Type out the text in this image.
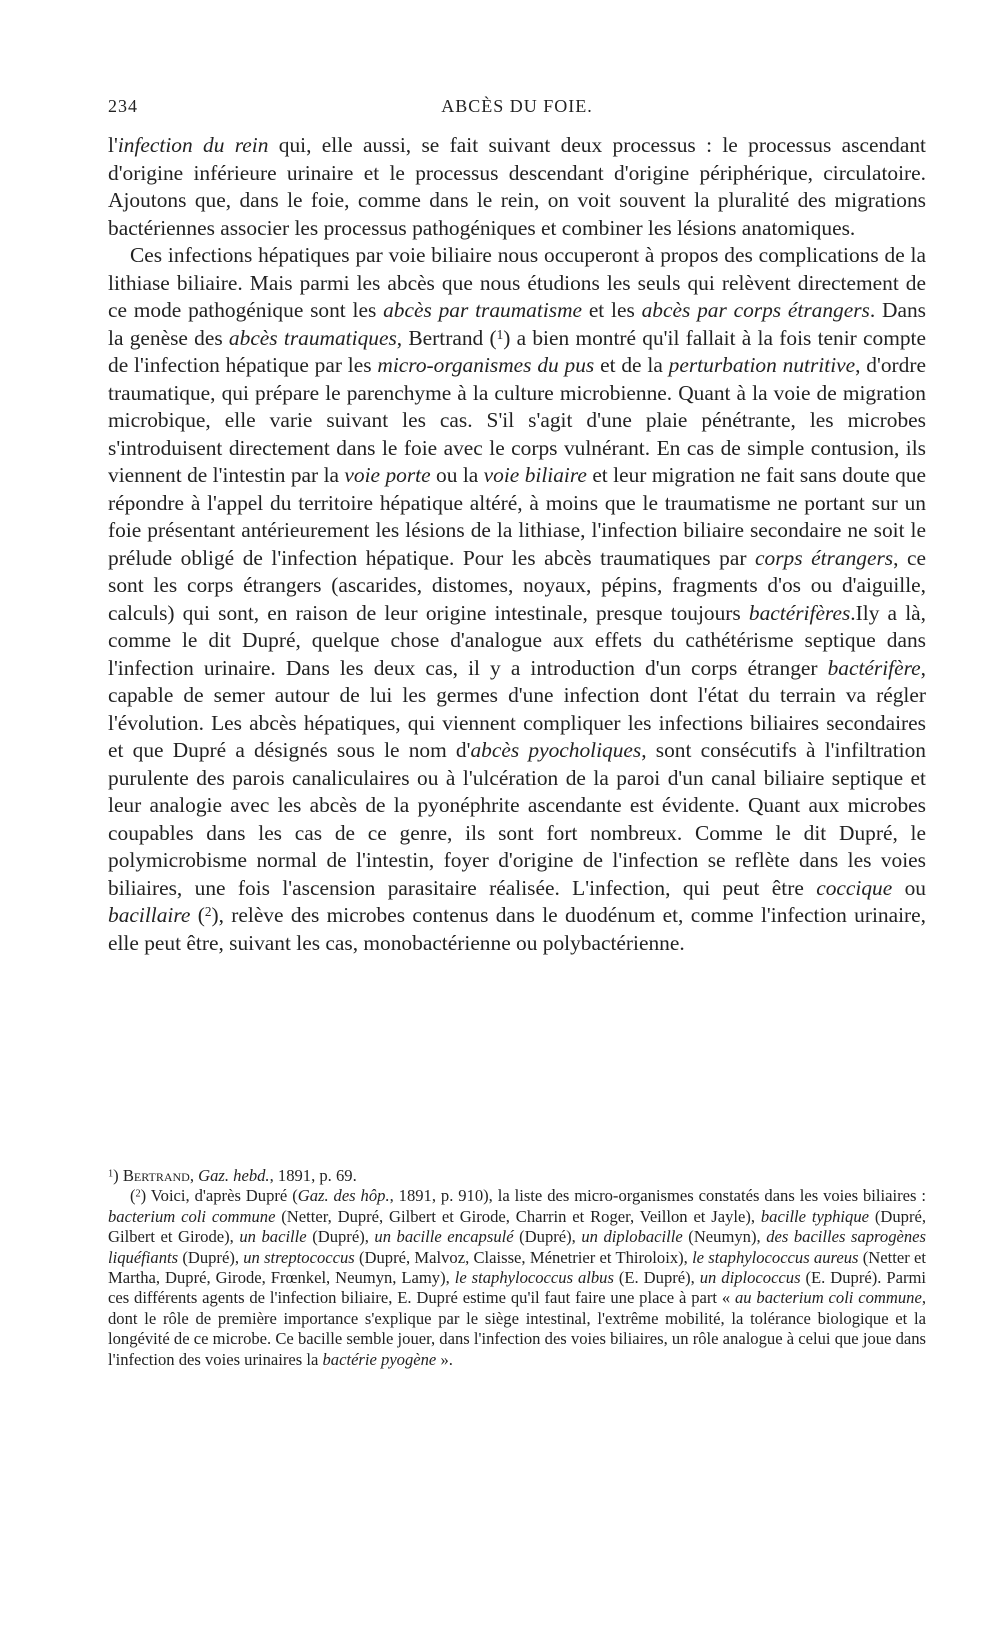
234	ABCÈS DU FOIE.

l'infection du rein qui, elle aussi, se fait suivant deux processus : le processus ascendant d'origine inférieure urinaire et le processus descendant d'origine périphérique, circulatoire. Ajoutons que, dans le foie, comme dans le rein, on voit souvent la pluralité des migrations bactériennes associer les processus pathogéniques et combiner les lésions anatomiques.

Ces infections hépatiques par voie biliaire nous occuperont à propos des complications de la lithiase biliaire. Mais parmi les abcès que nous étudions les seuls qui relèvent directement de ce mode pathogénique sont les abcès par traumatisme et les abcès par corps étrangers. Dans la genèse des abcès traumatiques, Bertrand ($^1$) a bien montré qu'il fallait à la fois tenir compte de l'infection hépatique par les micro-organismes du pus et de la perturbation nutritive, d'ordre traumatique, qui prépare le parenchyme à la culture microbienne. Quant à la voie de migration microbique, elle varie suivant les cas. S'il s'agit d'une plaie pénétrante, les microbes s'introduisent directement dans le foie avec le corps vulnérant. En cas de simple contusion, ils viennent de l'intestin par la voie porte ou la voie biliaire et leur migration ne fait sans doute que répondre à l'appel du territoire hépatique altéré, à moins que le traumatisme ne portant sur un foie présentant antérieurement les lésions de la lithiase, l'infection biliaire secondaire ne soit le prélude obligé de l'infection hépatique. Pour les abcès traumatiques par corps étrangers, ce sont les corps étrangers (ascarides, distomes, noyaux, pépins, fragments d'os ou d'aiguille, calculs) qui sont, en raison de leur origine intestinale, presque toujours bactérifères.Ily a là, comme le dit Dupré, quelque chose d'analogue aux effets du cathétérisme septique dans l'infection urinaire. Dans les deux cas, il y a introduction d'un corps étranger bactérifère, capable de semer autour de lui les germes d'une infection dont l'état du terrain va régler l'évolution. Les abcès hépatiques, qui viennent compliquer les infections biliaires secondaires et que Dupré a désignés sous le nom d'abcès pyocholiques, sont consécutifs à l'infiltration purulente des parois canaliculaires ou à l'ulcération de la paroi d'un canal biliaire septique et leur analogie avec les abcès de la pyonéphrite ascendante est évidente. Quant aux microbes coupables dans les cas de ce genre, ils sont fort nombreux. Comme le dit Dupré, le polymicrobisme normal de l'intestin, foyer d'origine de l'infection se reflète dans les voies biliaires, une fois l'ascension parasitaire réalisée. L'infection, qui peut être coccique ou bacillaire ($^2$), relève des microbes contenus dans le duodénum et, comme l'infection urinaire, elle peut être, suivant les cas, monobactérienne ou polybactérienne.

$^1$) Bertrand, Gaz. hebd., 1891, p. 69.

($^2$) Voici, d'après Dupré (Gaz. des hôp., 1891, p. 910), la liste des micro-organismes constatés dans les voies biliaires : bacterium coli commune (Netter, Dupré, Gilbert et Girode, Charrin et Roger, Veillon et Jayle), bacille typhique (Dupré, Gilbert et Girode), un bacille (Dupré), un bacille encapsulé (Dupré), un diplobacille (Neumyn), des bacilles saprogènes liquéfiants (Dupré), un streptococcus (Dupré, Malvoz, Claisse, Ménetrier et Thiroloix), le staphylococcus aureus (Netter et Martha, Dupré, Girode, Frœnkel, Neumyn, Lamy), le staphylococcus albus (E. Dupré), un diplococcus (E. Dupré). Parmi ces différents agents de l'infection biliaire, E. Dupré estime qu'il faut faire une place à part « au bacterium coli commune, dont le rôle de première importance s'explique par le siège intestinal, l'extrême mobilité, la tolérance biologique et la longévité de ce microbe. Ce bacille semble jouer, dans l'infection des voies biliaires, un rôle analogue à celui que joue dans l'infection des voies urinaires la bactérie pyogène ».
